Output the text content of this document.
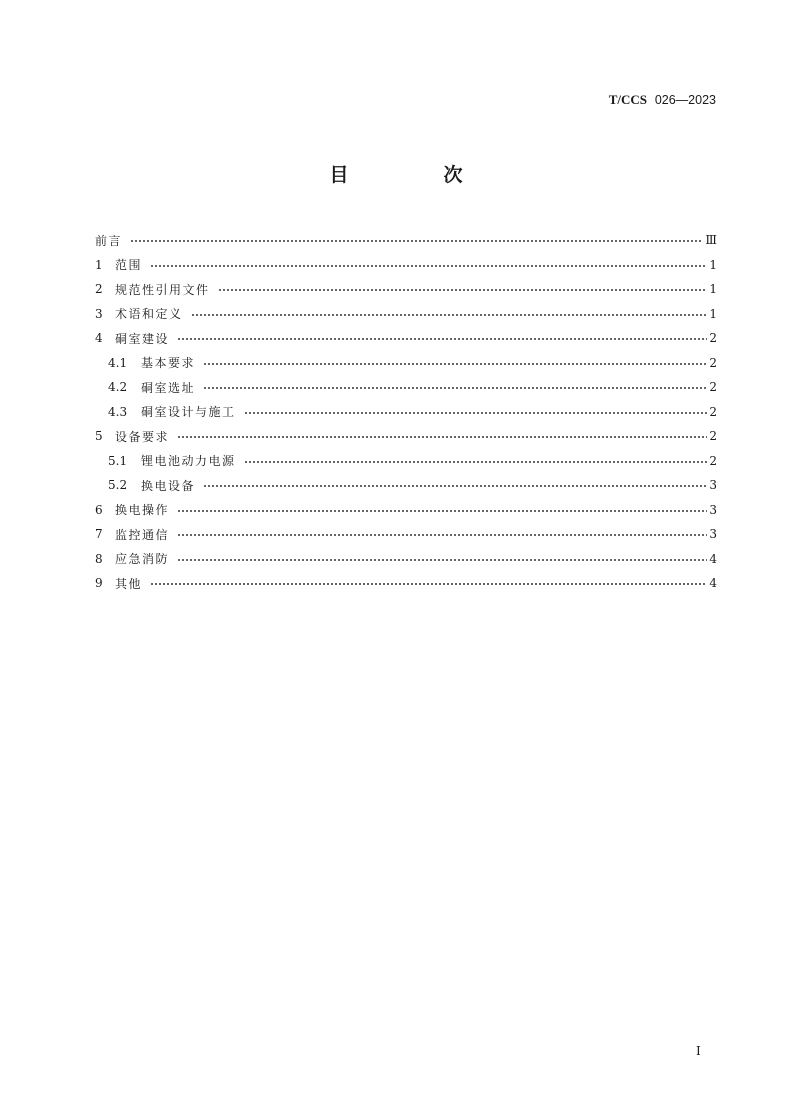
T/CCS 026—2023
目　次
前言	Ⅲ
1	范围	1
2	规范性引用文件	1
3	术语和定义	1
4	硐室建设	2
4.1	基本要求	2
4.2	硐室选址	2
4.3	硐室设计与施工	2
5	设备要求	2
5.1	锂电池动力电源	2
5.2	换电设备	3
6	换电操作	3
7	监控通信	3
8	应急消防	4
9	其他	4
I
